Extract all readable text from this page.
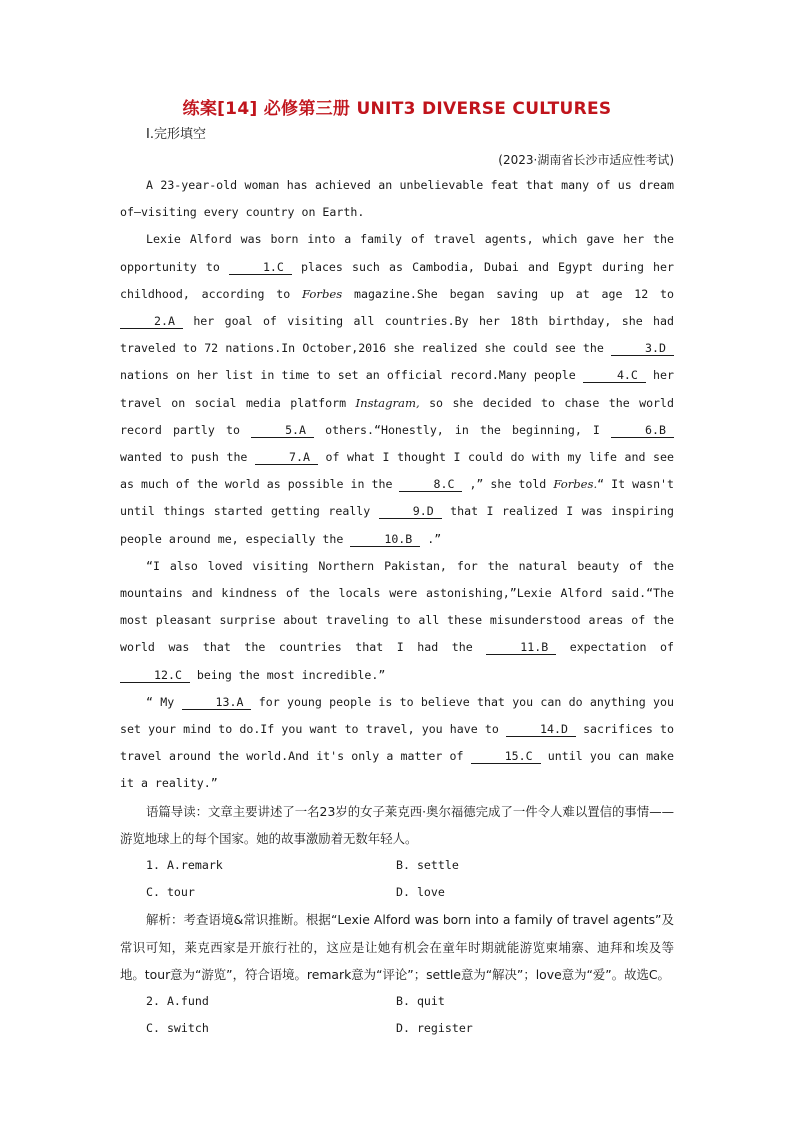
练案[14] 必修第三册 UNIT3 DIVERSE CULTURES
Ⅰ.完形填空
(2023·湖南省长沙市适应性考试)

A 23-year-old woman has achieved an unbelievable feat that many of us dream of—visiting every country on Earth.

Lexie Alford was born into a family of travel agents, which gave her the opportunity to	1.C places such as Cambodia, Dubai and Egypt during her childhood, according to Forbes magazine.She began saving up at age 12 to 2.A her goal of visiting all countries.By her 18th birthday, she had traveled to 72 nations.In October,2016 she realized she could see the	3.D nations on her list in time to set an official record.Many people	4.C her travel on social media platform Instagram, so she decided to chase the world record partly to	5.A others.“Honestly, in the beginning, I	6.B wanted to push the	7.A of what I thought I could do with my life and see as much of the world as possible in the	8.C ,” she told Forbes.“ It wasn't until things started getting really	9.D that I realized I was inspiring people around me, especially the	10.B .”

“I also loved visiting Northern Pakistan, for the natural beauty of the mountains and kindness of the locals were astonishing,”Lexie Alford said.“The most pleasant surprise about traveling to all these misunderstood areas of the world was that the countries that I had the	11.B expectation of 12.C being the most incredible.”

“ My	13.A for young people is to believe that you can do anything you set your mind to do.If you want to travel, you have to	14.D sacrifices to travel around the world.And it's only a matter of	15.C until you can make it a reality.”

语篇导读：文章主要讲述了一名23岁的女子莱克西·奥尔福德完成了一件令人难以置信的事情——游览地球上的每个国家。她的故事激励着无数年轻人。

1. A.remark	B. settle
C. tour	D. love

解析：考查语境&常识推断。根据“Lexie Alford was born into a family of travel agents”及常识可知，莱克西家是开旅行社的，这应是让她有机会在童年时期就能游览柬埔寨、迪拜和埃及等地。tour意为“游览”，符合语境。remark意为“评论”；settle意为“解决”；love意为“爱”。故选C。

2. A.fund	B. quit
C. switch	D. register
